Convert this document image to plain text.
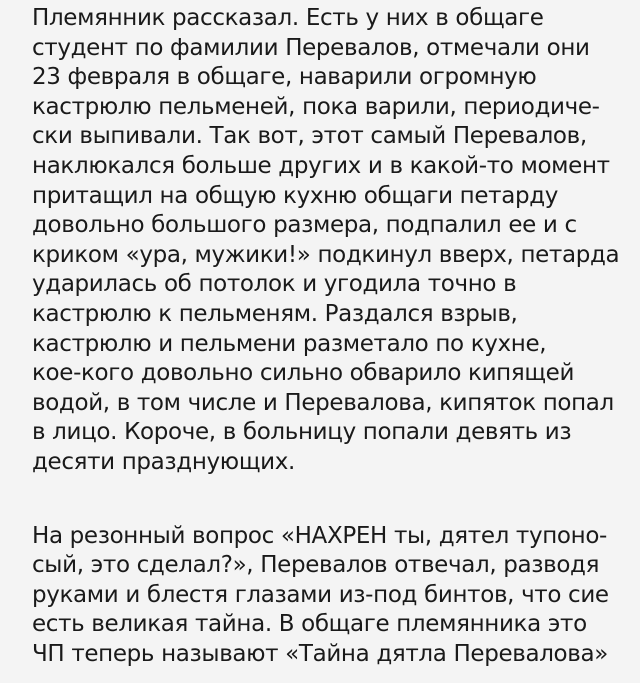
Племянник рассказал. Есть у них в общаге
студент по фамилии Перевалов, отмечали они
23 февраля в общаге, наварили огромную
кастрюлю пельменей, пока варили, периодиче-
ски выпивали. Так вот, этот самый Перевалов,
наклюкался больше других и в какой-то момент
притащил на общую кухню общаги петарду
довольно большого размера, подпалил ее и с
криком «ура, мужики!» подкинул вверх, петарда
ударилась об потолок и угодила точно в
кастрюлю к пельменям. Раздался взрыв,
кастрюлю и пельмени разметало по кухне,
кое-кого довольно сильно обварило кипящей
водой, в том числе и Перевалова, кипяток попал
в лицо. Короче, в больницу попали девять из
десяти празднующих.

На резонный вопрос «НАХРЕН ты, дятел тупоно-
сый, это сделал?», Перевалов отвечал, разводя
руками и блестя глазами из-под бинтов, что сие
есть великая тайна. В общаге племянника это
ЧП теперь называют «Тайна дятла Перевалова»
